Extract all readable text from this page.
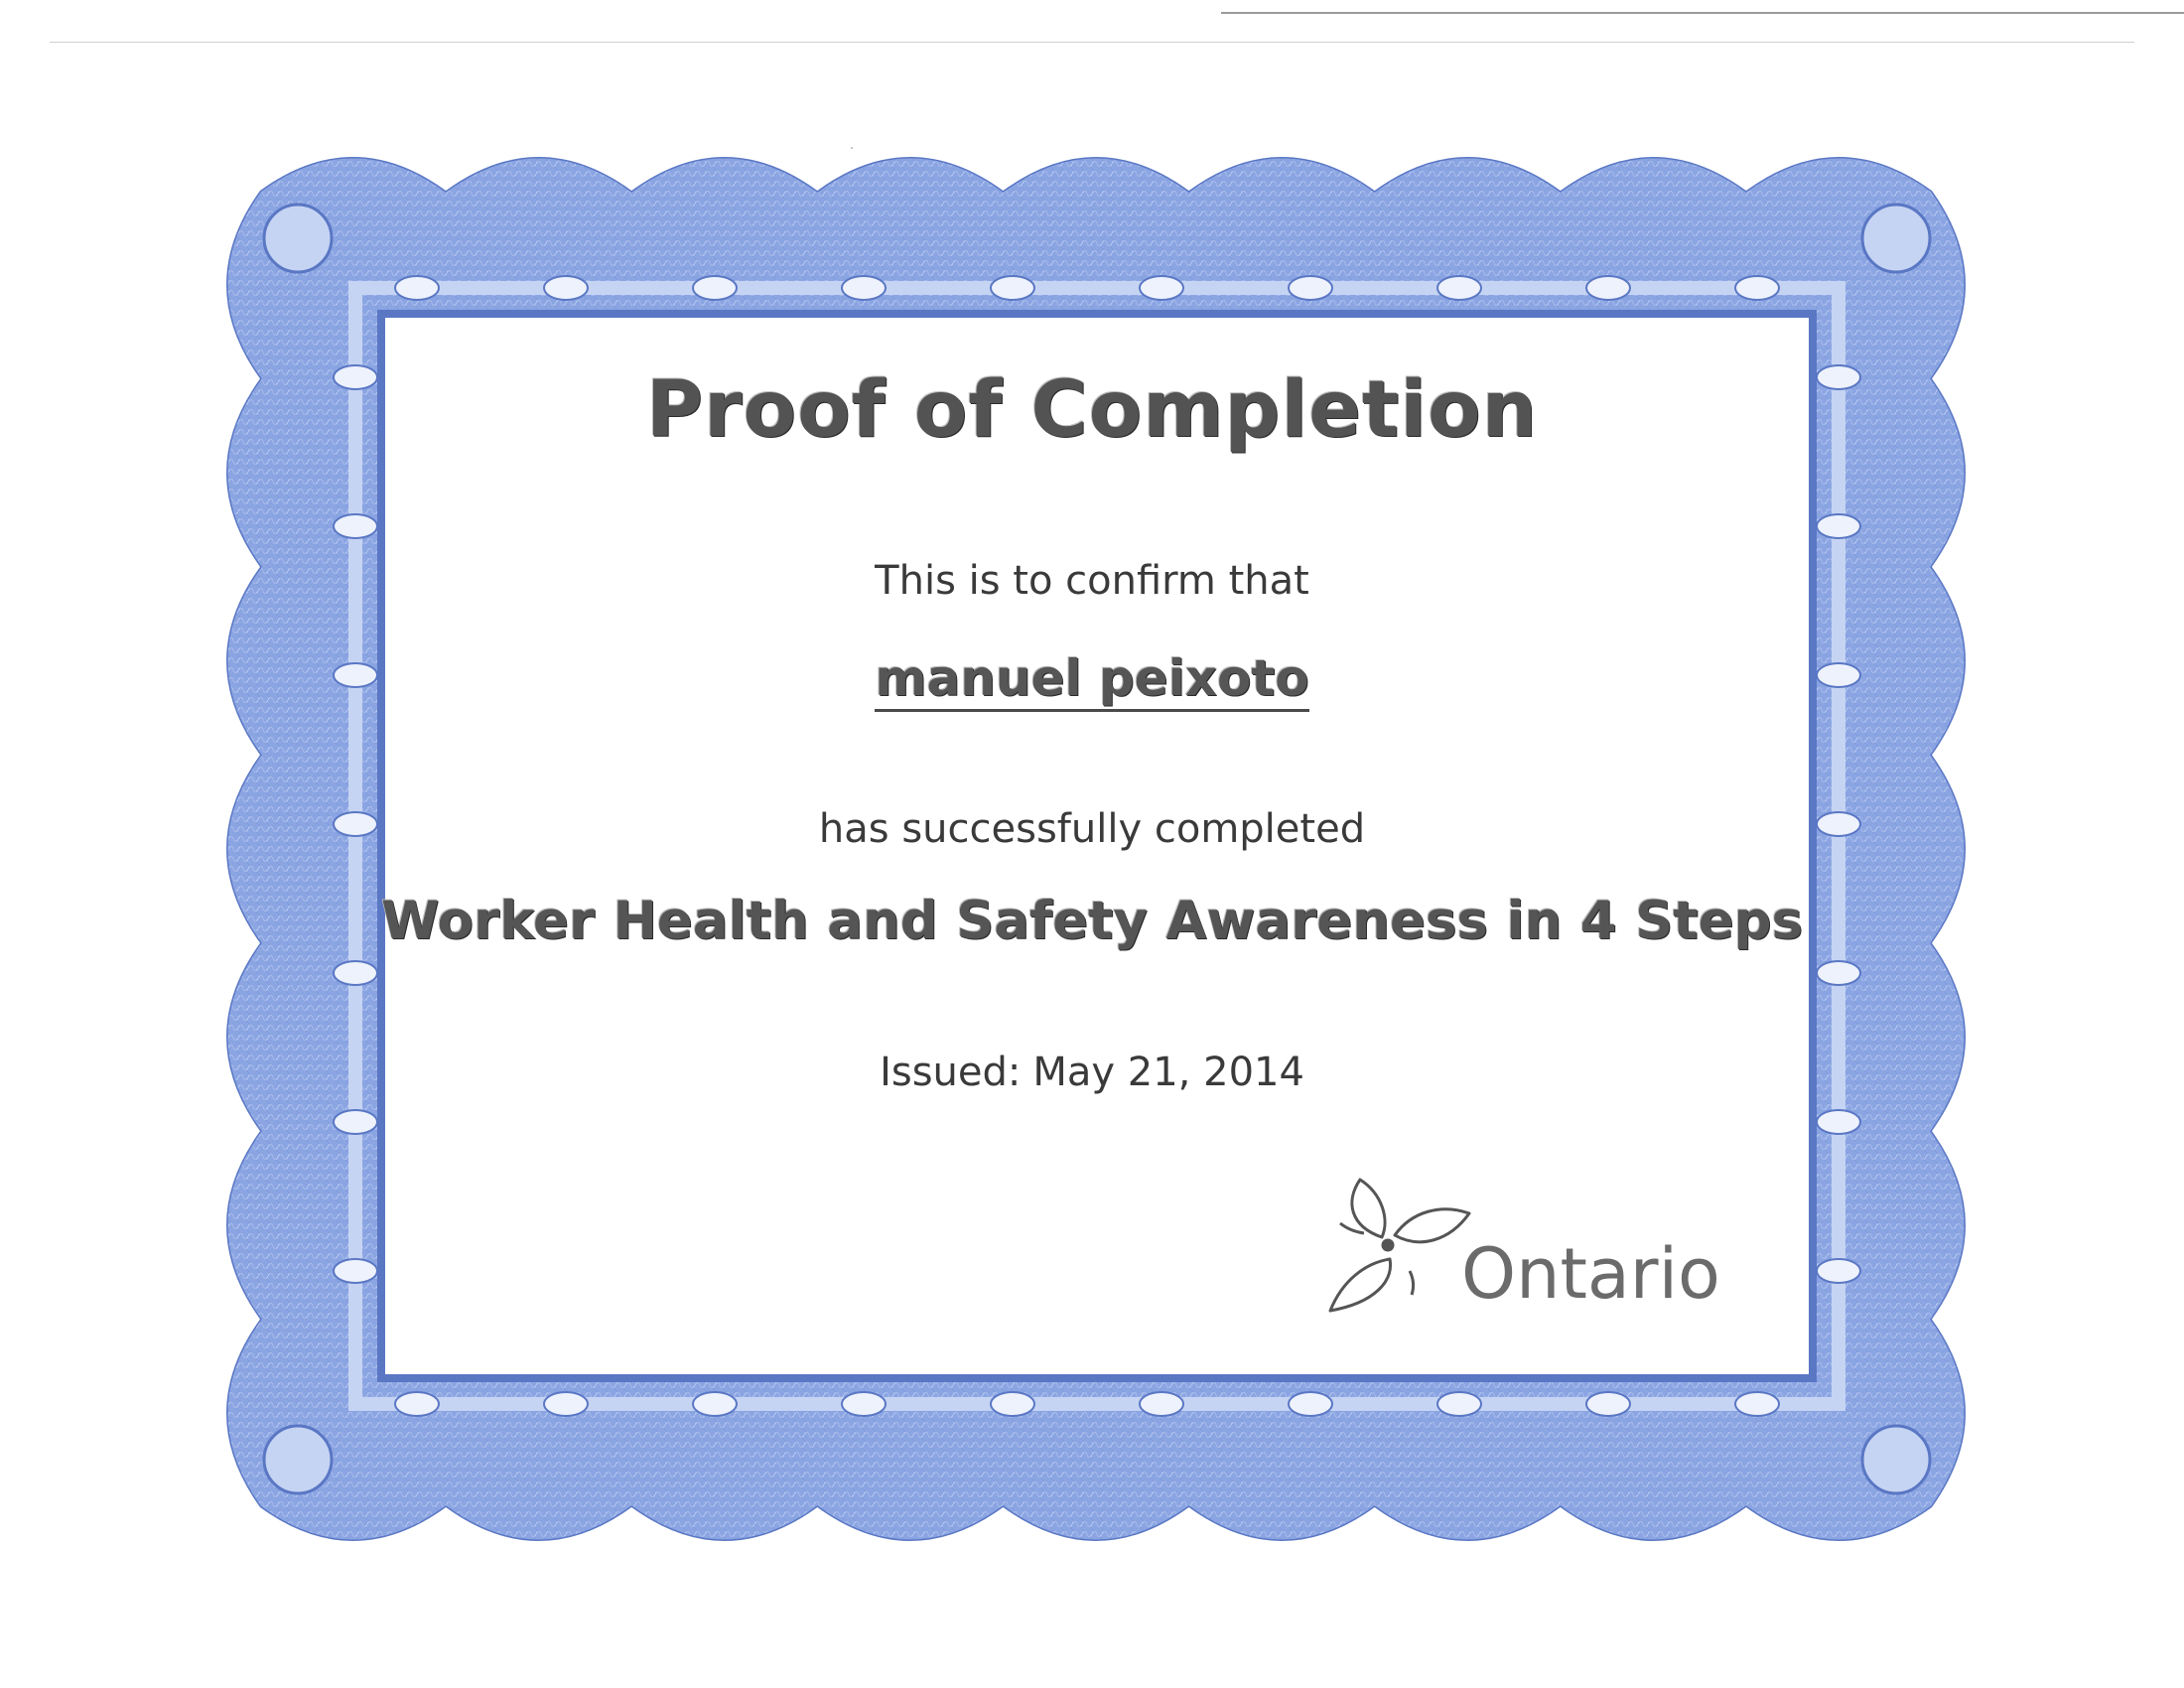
Proof of Completion
This is to confirm that
manuel peixoto
has successfully completed
Worker Health and Safety Awareness in 4 Steps
Issued: May 21, 2014
Ontario
